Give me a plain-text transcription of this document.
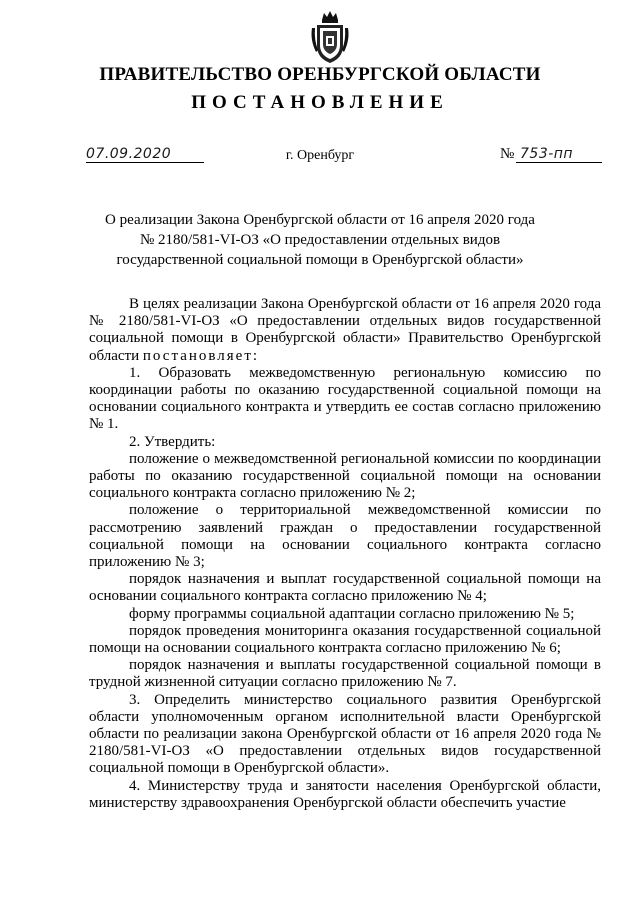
ПРАВИТЕЛЬСТВО ОРЕНБУРГСКОЙ ОБЛАСТИ
ПОСТАНОВЛЕНИЕ
07.09.2020	г. Оренбург	№ 753-пп
О реализации Закона Оренбургской области от 16 апреля 2020 года
№ 2180/581-VI-ОЗ «О предоставлении отдельных видов
государственной социальной помощи в Оренбургской области»

В целях реализации Закона Оренбургской области от 16 апреля 2020 года № 2180/581-VI-ОЗ «О предоставлении отдельных видов государственной социальной помощи в Оренбургской области» Правительство Оренбургской области постановляет:

1. Образовать межведомственную региональную комиссию по координации работы по оказанию государственной социальной помощи на основании социального контракта и утвердить ее состав согласно приложению № 1.

2. Утвердить:

положение о межведомственной региональной комиссии по координации работы по оказанию государственной социальной помощи на основании социального контракта согласно приложению № 2;

положение о территориальной межведомственной комиссии по рассмотрению заявлений граждан о предоставлении государственной социальной помощи на основании социального контракта согласно приложению № 3;

порядок назначения и выплат государственной социальной помощи на основании социального контракта согласно приложению № 4;

форму программы социальной адаптации согласно приложению № 5;

порядок проведения мониторинга оказания государственной социальной помощи на основании социального контракта согласно приложению № 6;

порядок назначения и выплаты государственной социальной помощи в трудной жизненной ситуации согласно приложению № 7.

3. Определить министерство социального развития Оренбургской области уполномоченным органом исполнительной власти Оренбургской области по реализации закона Оренбургской области от 16 апреля 2020 года № 2180/581-VI-ОЗ «О предоставлении отдельных видов государственной социальной помощи в Оренбургской области».

4. Министерству труда и занятости населения Оренбургской области, министерству здравоохранения Оренбургской области обеспечить участие
